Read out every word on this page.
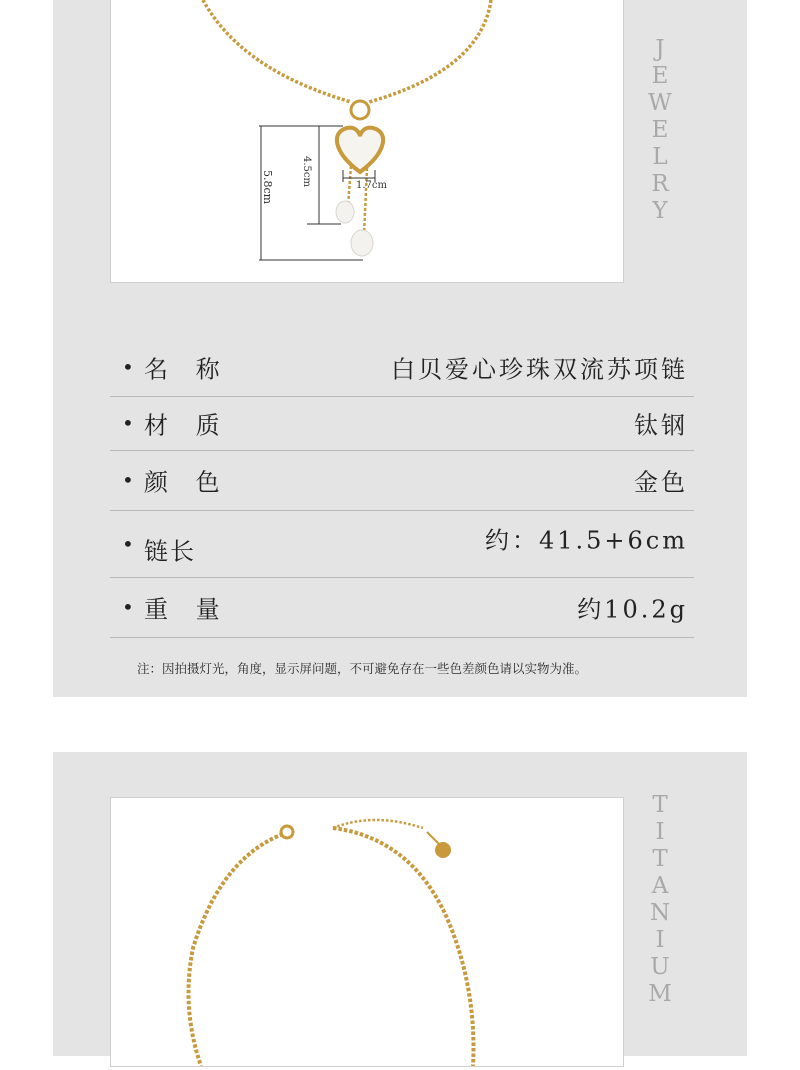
5.8cm	4.5cm	1.7cm
J
E
W
E
L
R
Y
• 名 称	白贝爱心珍珠双流苏项链
• 材 质	钛钢
• 颜 色	金色
• 链长	约：41.5+6cm
• 重 量	约10.2g
注：因拍摄灯光，角度，显示屏问题，不可避免存在一些色差颜色请以实物为准。
T
I
T
A
N
I
U
M
